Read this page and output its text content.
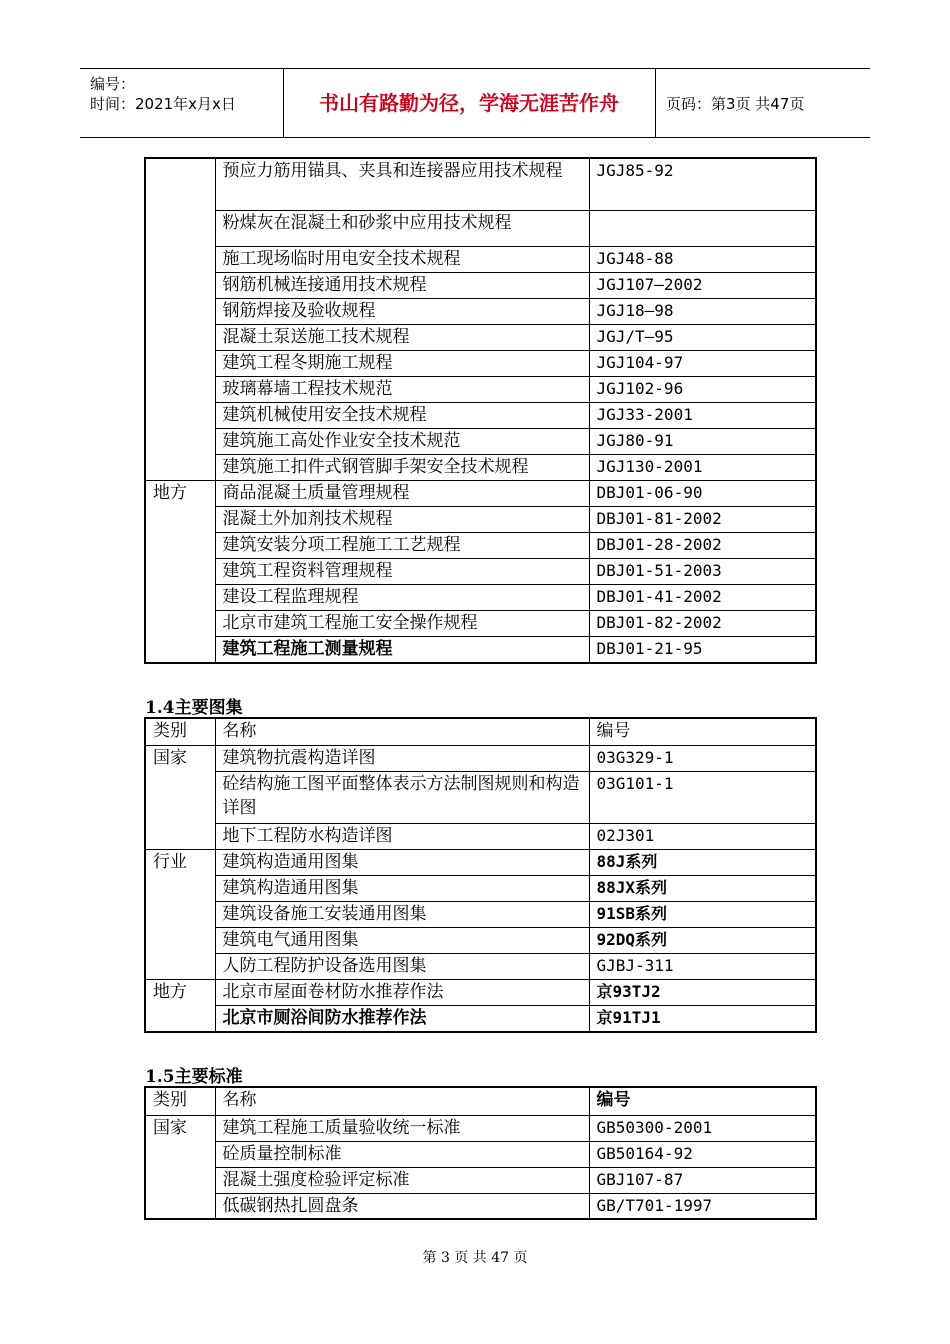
编号：
时间：2021年x月x日	书山有路勤为径，学海无涯苦作舟	页码：第3页 共47页
	预应力筋用锚具、夹具和连接器应用技术规程	JGJ85-92
	粉煤灰在混凝土和砂浆中应用技术规程	
	施工现场临时用电安全技术规程	JGJ48-88
	钢筋机械连接通用技术规程	JGJ107—2002
	钢筋焊接及验收规程	JGJ18—98
	混凝土泵送施工技术规程	JGJ/T—95
	建筑工程冬期施工规程	JGJ104-97
	玻璃幕墙工程技术规范	JGJ102-96
	建筑机械使用安全技术规程	JGJ33-2001
	建筑施工高处作业安全技术规范	JGJ80-91
	建筑施工扣件式钢管脚手架安全技术规程	JGJ130-2001
地方	商品混凝土质量管理规程	DBJ01-06-90
	混凝土外加剂技术规程	DBJ01-81-2002
	建筑安装分项工程施工工艺规程	DBJ01-28-2002
	建筑工程资料管理规程	DBJ01-51-2003
	建设工程监理规程	DBJ01-41-2002
	北京市建筑工程施工安全操作规程	DBJ01-82-2002
	建筑工程施工测量规程	DBJ01-21-95
1.4主要图集
类别	名称	编号
国家	建筑物抗震构造详图	03G329-1
	砼结构施工图平面整体表示方法制图规则和构造详图	03G101-1
	地下工程防水构造详图	02J301
行业	建筑构造通用图集	88J系列
	建筑构造通用图集	88JX系列
	建筑设备施工安装通用图集	91SB系列
	建筑电气通用图集	92DQ系列
	人防工程防护设备选用图集	GJBJ-311
地方	北京市屋面卷材防水推荐作法	京93TJ2
	北京市厕浴间防水推荐作法	京91TJ1
1.5主要标准
类别	名称	编号
国家	建筑工程施工质量验收统一标准	GB50300-2001
	砼质量控制标准	GB50164-92
	混凝土强度检验评定标准	GBJ107-87
	低碳钢热扎圆盘条	GB/T701-1997
第 3 页 共 47 页
